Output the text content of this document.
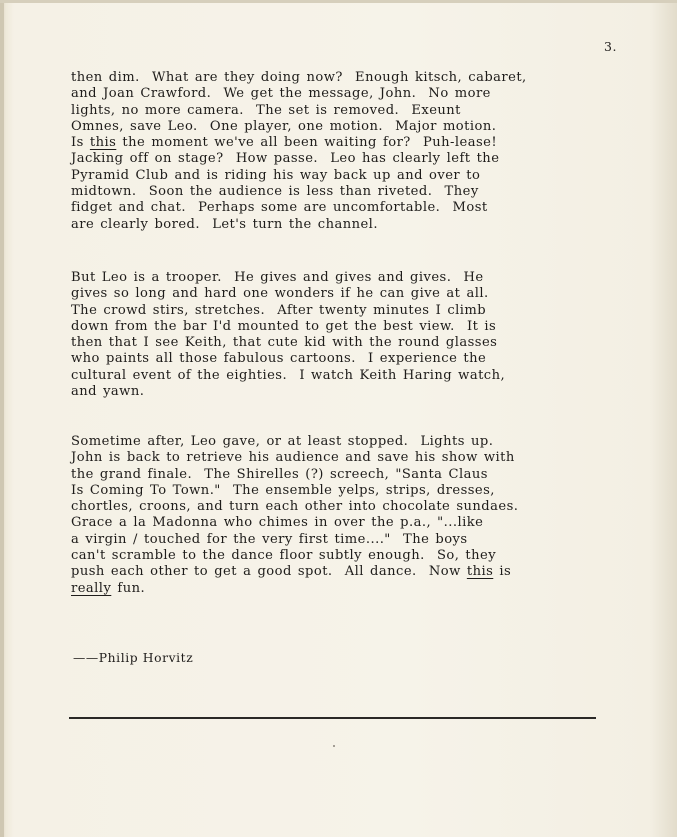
3.

then dim.  What are they doing now?  Enough kitsch, cabaret,
and Joan Crawford.  We get the message, John.  No more
lights, no more camera.  The set is removed.  Exeunt
Omnes, save Leo.  One player, one motion.  Major motion.
Is this the moment we've all been waiting for?  Puh-lease!
Jacking off on stage?  How passe.  Leo has clearly left the
Pyramid Club and is riding his way back up and over to
midtown.  Soon the audience is less than riveted.  They
fidget and chat.  Perhaps some are uncomfortable.  Most
are clearly bored.  Let's turn the channel.

But Leo is a trooper.  He gives and gives and gives.  He
gives so long and hard one wonders if he can give at all.
The crowd stirs, stretches.  After twenty minutes I climb
down from the bar I'd mounted to get the best view.  It is
then that I see Keith, that cute kid with the round glasses
who paints all those fabulous cartoons.  I experience the
cultural event of the eighties.  I watch Keith Haring watch,
and yawn.

Sometime after, Leo gave, or at least stopped.  Lights up.
John is back to retrieve his audience and save his show with
the grand finale.  The Shirelles (?) screech, "Santa Claus
Is Coming To Town."  The ensemble yelps, strips, dresses,
chortles, croons, and turn each other into chocolate sundaes.
Grace a la Madonna who chimes in over the p.a., "...like
a virgin / touched for the very first time...."  The boys
can't scramble to the dance floor subtly enough.  So, they
push each other to get a good spot.  All dance.  Now this is
really fun.

——Philip Horvitz
